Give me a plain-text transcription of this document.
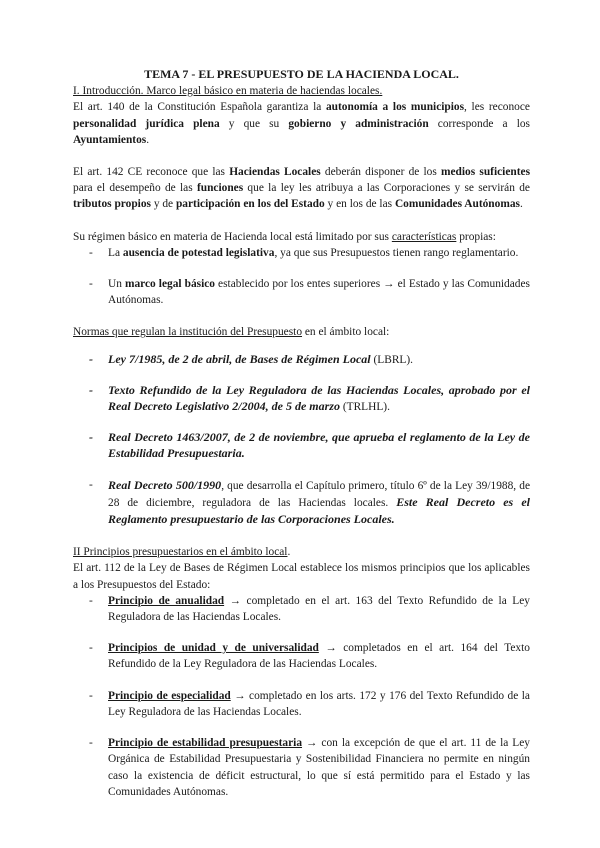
TEMA 7 - EL PRESUPUESTO DE LA HACIENDA LOCAL.
I. Introducción. Marco legal básico en materia de haciendas locales.

El art. 140 de la Constitución Española garantiza la autonomía a los municipios, les reconoce personalidad jurídica plena y que su gobierno y administración corresponde a los Ayuntamientos.

El art. 142 CE reconoce que las Haciendas Locales deberán disponer de los medios suficientes para el desempeño de las funciones que la ley les atribuya a las Corporaciones y se servirán de tributos propios y de participación en los del Estado y en los de las Comunidades Autónomas.

Su régimen básico en materia de Hacienda local está limitado por sus características propias:

- La ausencia de potestad legislativa, ya que sus Presupuestos tienen rango reglamentario.
- Un marco legal básico establecido por los entes superiores → el Estado y las Comunidades Autónomas.

Normas que regulan la institución del Presupuesto en el ámbito local:

- Ley 7/1985, de 2 de abril, de Bases de Régimen Local (LBRL).
- Texto Refundido de la Ley Reguladora de las Haciendas Locales, aprobado por el Real Decreto Legislativo 2/2004, de 5 de marzo (TRLHL).
- Real Decreto 1463/2007, de 2 de noviembre, que aprueba el reglamento de la Ley de Estabilidad Presupuestaria.
- Real Decreto 500/1990, que desarrolla el Capítulo primero, título 6º de la Ley 39/1988, de 28 de diciembre, reguladora de las Haciendas locales. Este Real Decreto es el Reglamento presupuestario de las Corporaciones Locales.

II Principios presupuestarios en el ámbito local.

El art. 112 de la Ley de Bases de Régimen Local establece los mismos principios que los aplicables a los Presupuestos del Estado:

- Principio de anualidad → completado en el art. 163 del Texto Refundido de la Ley Reguladora de las Haciendas Locales.
- Principios de unidad y de universalidad → completados en el art. 164 del Texto Refundido de la Ley Reguladora de las Haciendas Locales.
- Principio de especialidad → completado en los arts. 172 y 176 del Texto Refundido de la Ley Reguladora de las Haciendas Locales.
- Principio de estabilidad presupuestaria → con la excepción de que el art. 11 de la Ley Orgánica de Estabilidad Presupuestaria y Sostenibilidad Financiera no permite en ningún caso la existencia de déficit estructural, lo que sí está permitido para el Estado y las Comunidades Autónomas.
